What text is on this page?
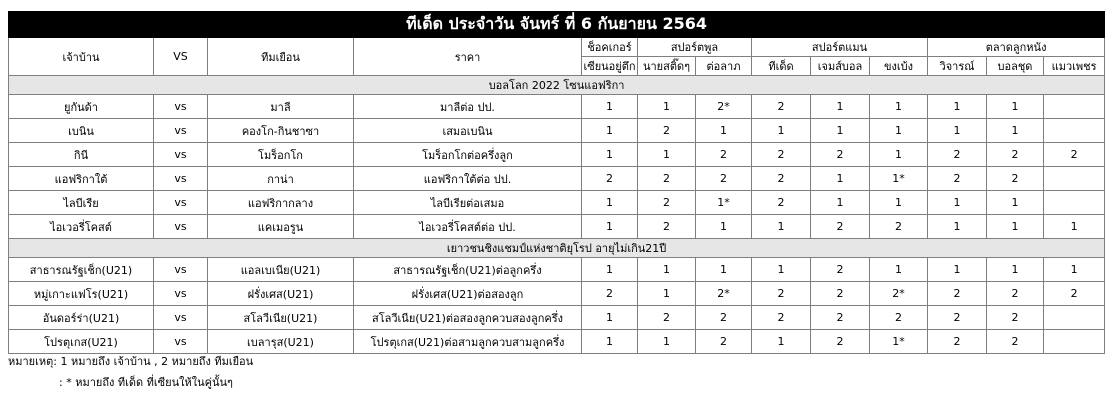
ทีเด็ด ประจำวัน จันทร์ ที่ 6 กันยายน 2564												
เจ้าบ้าน	VS	ทีมเยือน	ราคา	ช็อคเกอร์	สปอร์ตพูล		สปอร์ตแมน			ตลาดลูกหนัง		
				เซียนอยู่ตึก	นายสติ๊ดๆ	ต่อลาภ	ทีเด็ด	เจมส์บอล	ขงเบ้ง	วิจารณ์	บอลชุด	แมวเพชร
บอลโลก 2022 โซนแอฟริกา												
ยูกันด้า	vs	มาลี	มาลีต่อ ปป.	1	1	2*	2	1	1	1	1	
เบนิน	vs	คองโก-กินชาซา	เสมอเบนิน	1	2	1	1	1	1	1	1	
กินี	vs	โมร็อกโก	โมร็อกโกต่อครึ่งลูก	1	1	2	2	2	1	2	2	2
แอฟริกาใต้	vs	กาน่า	แอฟริกาใต้ต่อ ปป.	2	2	2	2	1	1*	2	2	
ไลบีเรีย	vs	แอฟริกากลาง	ไลบีเรียต่อเสมอ	1	2	1*	2	1	1	1	1	
ไอเวอรี่โคสต์	vs	แคเมอรูน	ไอเวอรี่โคสต์ต่อ ปป.	1	2	1	1	2	2	1	1	1
เยาวชนชิงแชมป์แห่งชาติยุโรป อายุไม่เกิน21ปี												
สาธารณรัฐเช็ก(U21)	vs	แอลเบเนีย(U21)	สาธารณรัฐเช็ก(U21)ต่อลูกครึ่ง	1	1	1	1	2	1	1	1	1
หมู่เกาะแฟโร(U21)	vs	ฝรั่งเศส(U21)	ฝรั่งเศส(U21)ต่อสองลูก	2	1	2*	2	2	2*	2	2	2
อันดอร์ร่า(U21)	vs	สโลวีเนีย(U21)	สโลวีเนีย(U21)ต่อสองลูกควบสองลูกครึ่ง	1	2	2	2	2	2	2	2	
โปรตุเกส(U21)	vs	เบลารุส(U21)	โปรตุเกส(U21)ต่อสามลูกควบสามลูกครึ่ง	1	1	2	1	2	1*	2	2	
หมายเหตุ: 1 หมายถึง เจ้าบ้าน , 2 หมายถึง ทีมเยือน
: * หมายถึง ทีเด็ด ที่เซียนให้ในคู่นั้นๆ
